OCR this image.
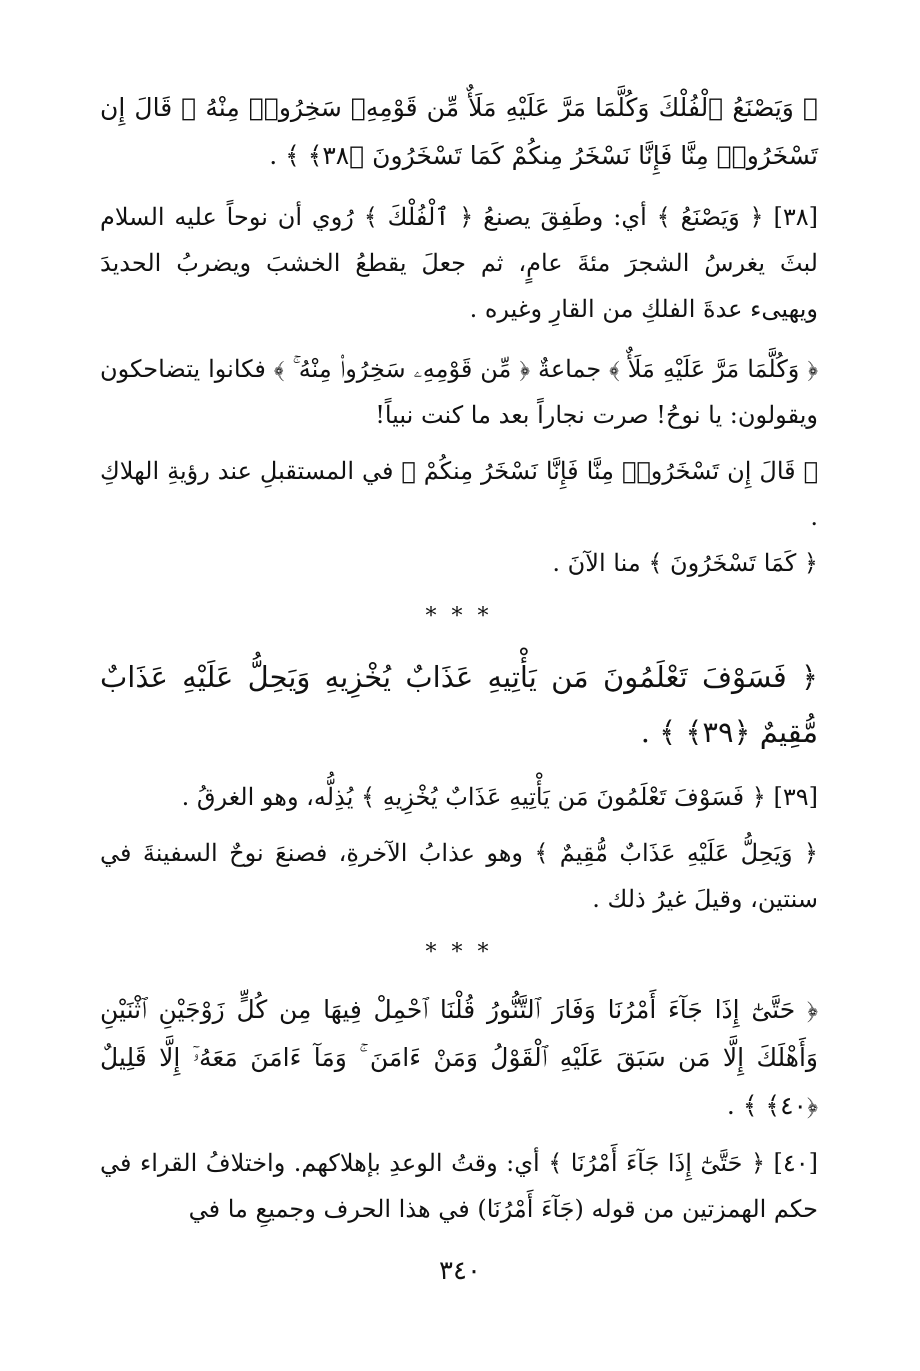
﴿ وَيَصْنَعُ ٱلْفُلْكَ وَكُلَّمَا مَرَّ عَلَيْهِ مَلَأٌ مِّن قَوْمِهِۦ سَخِرُوا۟ مِنْهُ ۚ قَالَ إِن تَسْخَرُوا۟ مِنَّا فَإِنَّا نَسْخَرُ مِنكُمْ كَمَا تَسْخَرُونَ ﴿٣٨﴾ ﴾ .

[٣٨] ﴿ وَيَصْنَعُ ﴾ أي: وطَفِقَ يصنعُ ﴿ ٱلْفُلْكَ ﴾ رُوي أن نوحاً عليه السلام لبثَ يغرسُ الشجرَ مئةَ عامٍ، ثم جعلَ يقطعُ الخشبَ ويضربُ الحديدَ ويهيىء عدةَ الفلكِ من القارِ وغيره .

﴿ وَكُلَّمَا مَرَّ عَلَيْهِ مَلَأٌ ﴾ جماعةٌ ﴿ مِّن قَوْمِهِۦ سَخِرُوا۟ مِنْهُ ۚ ﴾ فكانوا يتضاحكون ويقولون: يا نوحُ! صرت نجاراً بعد ما كنت نبياً!

﴿ قَالَ إِن تَسْخَرُوا۟ مِنَّا فَإِنَّا نَسْخَرُ مِنكُمْ ﴾ في المستقبلِ عند رؤيةِ الهلاكِ .

﴿ كَمَا تَسْخَرُونَ ﴾ منا الآنَ .

* * *

﴿ فَسَوْفَ تَعْلَمُونَ مَن يَأْتِيهِ عَذَابٌ يُخْزِيهِ وَيَحِلُّ عَلَيْهِ عَذَابٌ مُّقِيمٌ ﴿٣٩﴾ ﴾ .

[٣٩] ﴿ فَسَوْفَ تَعْلَمُونَ مَن يَأْتِيهِ عَذَابٌ يُخْزِيهِ ﴾ يُذِلُّه، وهو الغرقُ .

﴿ وَيَحِلُّ عَلَيْهِ عَذَابٌ مُّقِيمٌ ﴾ وهو عذابُ الآخرةِ، فصنعَ نوحٌ السفينةَ في سنتين، وقيلَ غيرُ ذلك .

* * *

﴿ حَتَّىٰٓ إِذَا جَآءَ أَمْرُنَا وَفَارَ ٱلتَّنُّورُ قُلْنَا ٱحْمِلْ فِيهَا مِن كُلٍّ زَوْجَيْنِ ٱثْنَيْنِ وَأَهْلَكَ إِلَّا مَن سَبَقَ عَلَيْهِ ٱلْقَوْلُ وَمَنْ ءَامَنَ ۚ وَمَآ ءَامَنَ مَعَهُۥٓ إِلَّا قَلِيلٌ ﴿٤٠﴾ ﴾ .

[٤٠] ﴿ حَتَّىٰٓ إِذَا جَآءَ أَمْرُنَا ﴾ أي: وقتُ الوعدِ بإهلاكهم. واختلافُ القراء في حكم الهمزتين من قوله (جَآءَ أَمْرُنَا) في هذا الحرف وجميعِ ما في

٣٤٠
